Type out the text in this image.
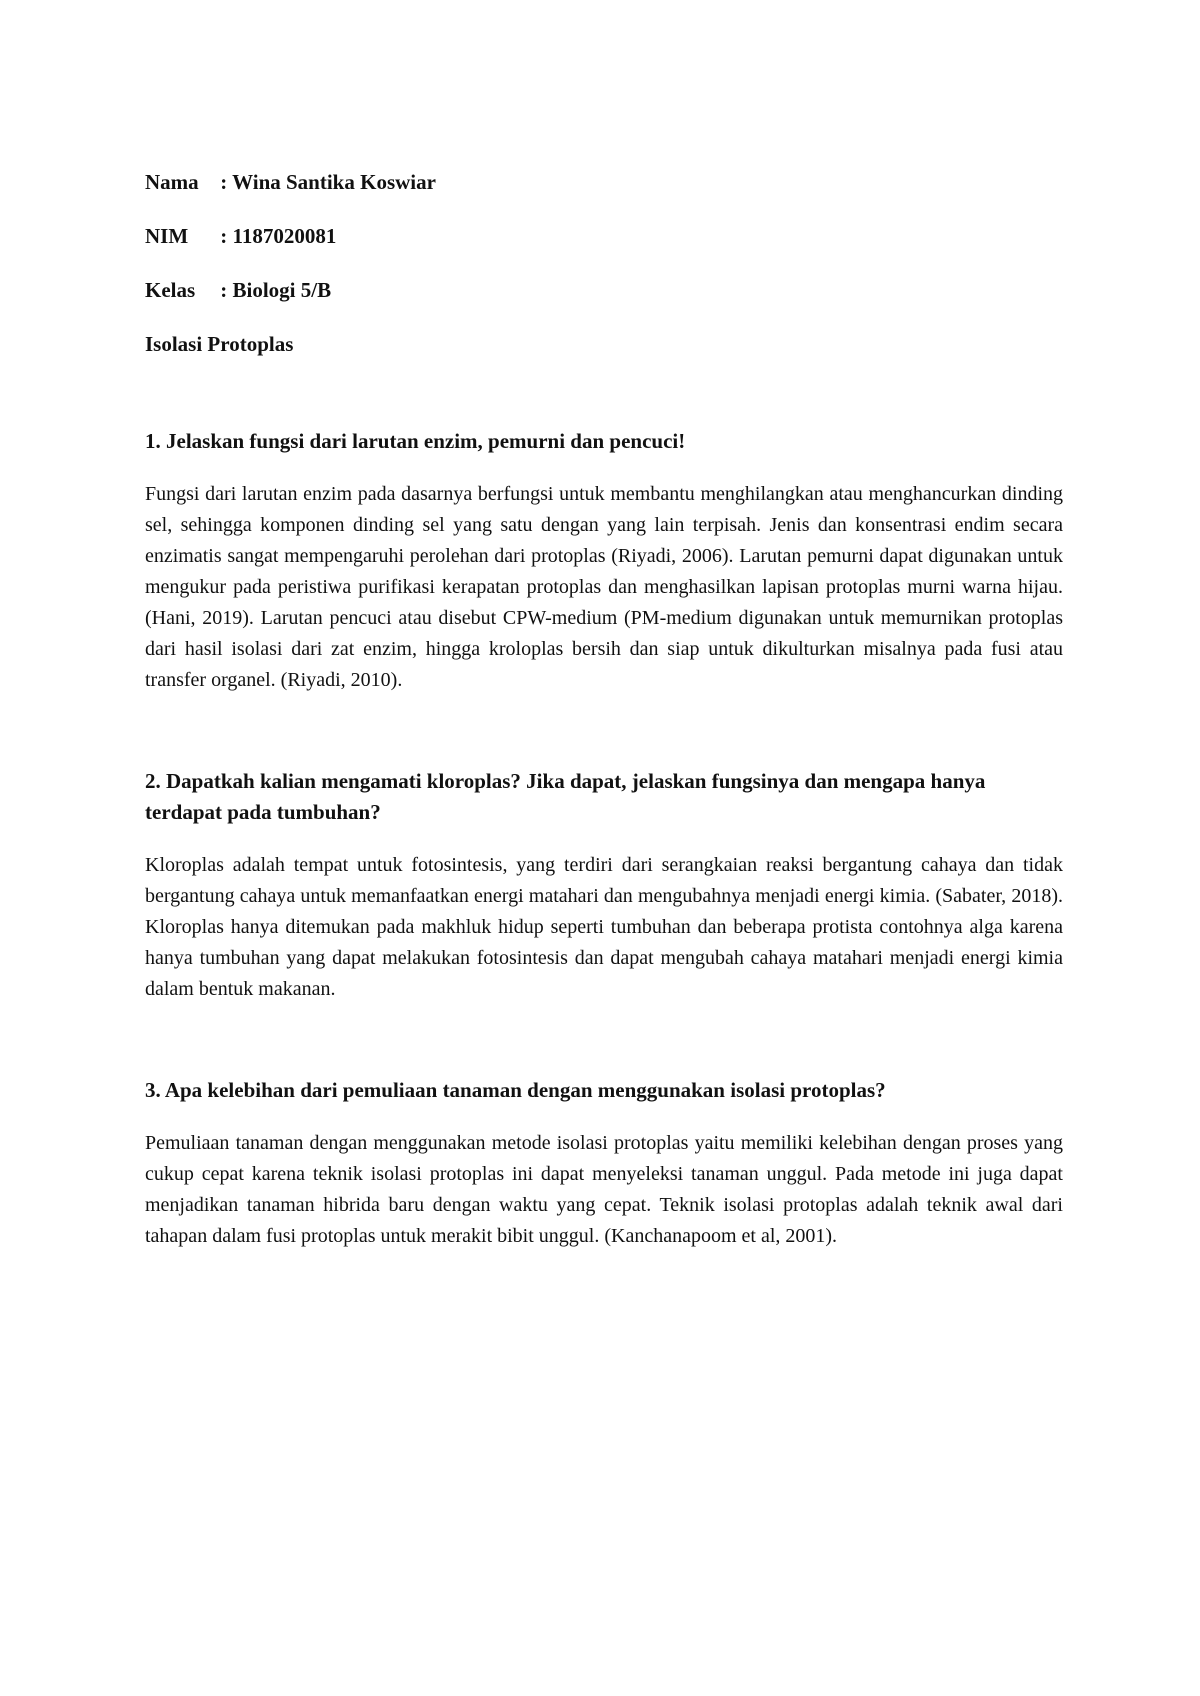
Nama : Wina Santika Koswiar
NIM : 1187020081
Kelas : Biologi 5/B
Isolasi Protoplas

1. Jelaskan fungsi dari larutan enzim, pemurni dan pencuci!

Fungsi dari larutan enzim pada dasarnya berfungsi untuk membantu menghilangkan atau menghancurkan dinding sel, sehingga komponen dinding sel yang satu dengan yang lain terpisah. Jenis dan konsentrasi endim secara enzimatis sangat mempengaruhi perolehan dari protoplas (Riyadi, 2006). Larutan pemurni dapat digunakan untuk mengukur pada peristiwa purifikasi kerapatan protoplas dan menghasilkan lapisan protoplas murni warna hijau. (Hani, 2019). Larutan pencuci atau disebut CPW-medium (PM-medium digunakan untuk memurnikan protoplas dari hasil isolasi dari zat enzim, hingga kroloplas bersih dan siap untuk dikulturkan misalnya pada fusi atau transfer organel. (Riyadi, 2010).

2. Dapatkah kalian mengamati kloroplas? Jika dapat, jelaskan fungsinya dan mengapa hanya terdapat pada tumbuhan?

Kloroplas adalah tempat untuk fotosintesis, yang terdiri dari serangkaian reaksi bergantung cahaya dan tidak bergantung cahaya untuk memanfaatkan energi matahari dan mengubahnya menjadi energi kimia. (Sabater, 2018). Kloroplas hanya ditemukan pada makhluk hidup seperti tumbuhan dan beberapa protista contohnya alga karena hanya tumbuhan yang dapat melakukan fotosintesis dan dapat mengubah cahaya matahari menjadi energi kimia dalam bentuk makanan.

3. Apa kelebihan dari pemuliaan tanaman dengan menggunakan isolasi protoplas?

Pemuliaan tanaman dengan menggunakan metode isolasi protoplas yaitu memiliki kelebihan dengan proses yang cukup cepat karena teknik isolasi protoplas ini dapat menyeleksi tanaman unggul. Pada metode ini juga dapat menjadikan tanaman hibrida baru dengan waktu yang cepat. Teknik isolasi protoplas adalah teknik awal dari tahapan dalam fusi protoplas untuk merakit bibit unggul. (Kanchanapoom et al, 2001).
